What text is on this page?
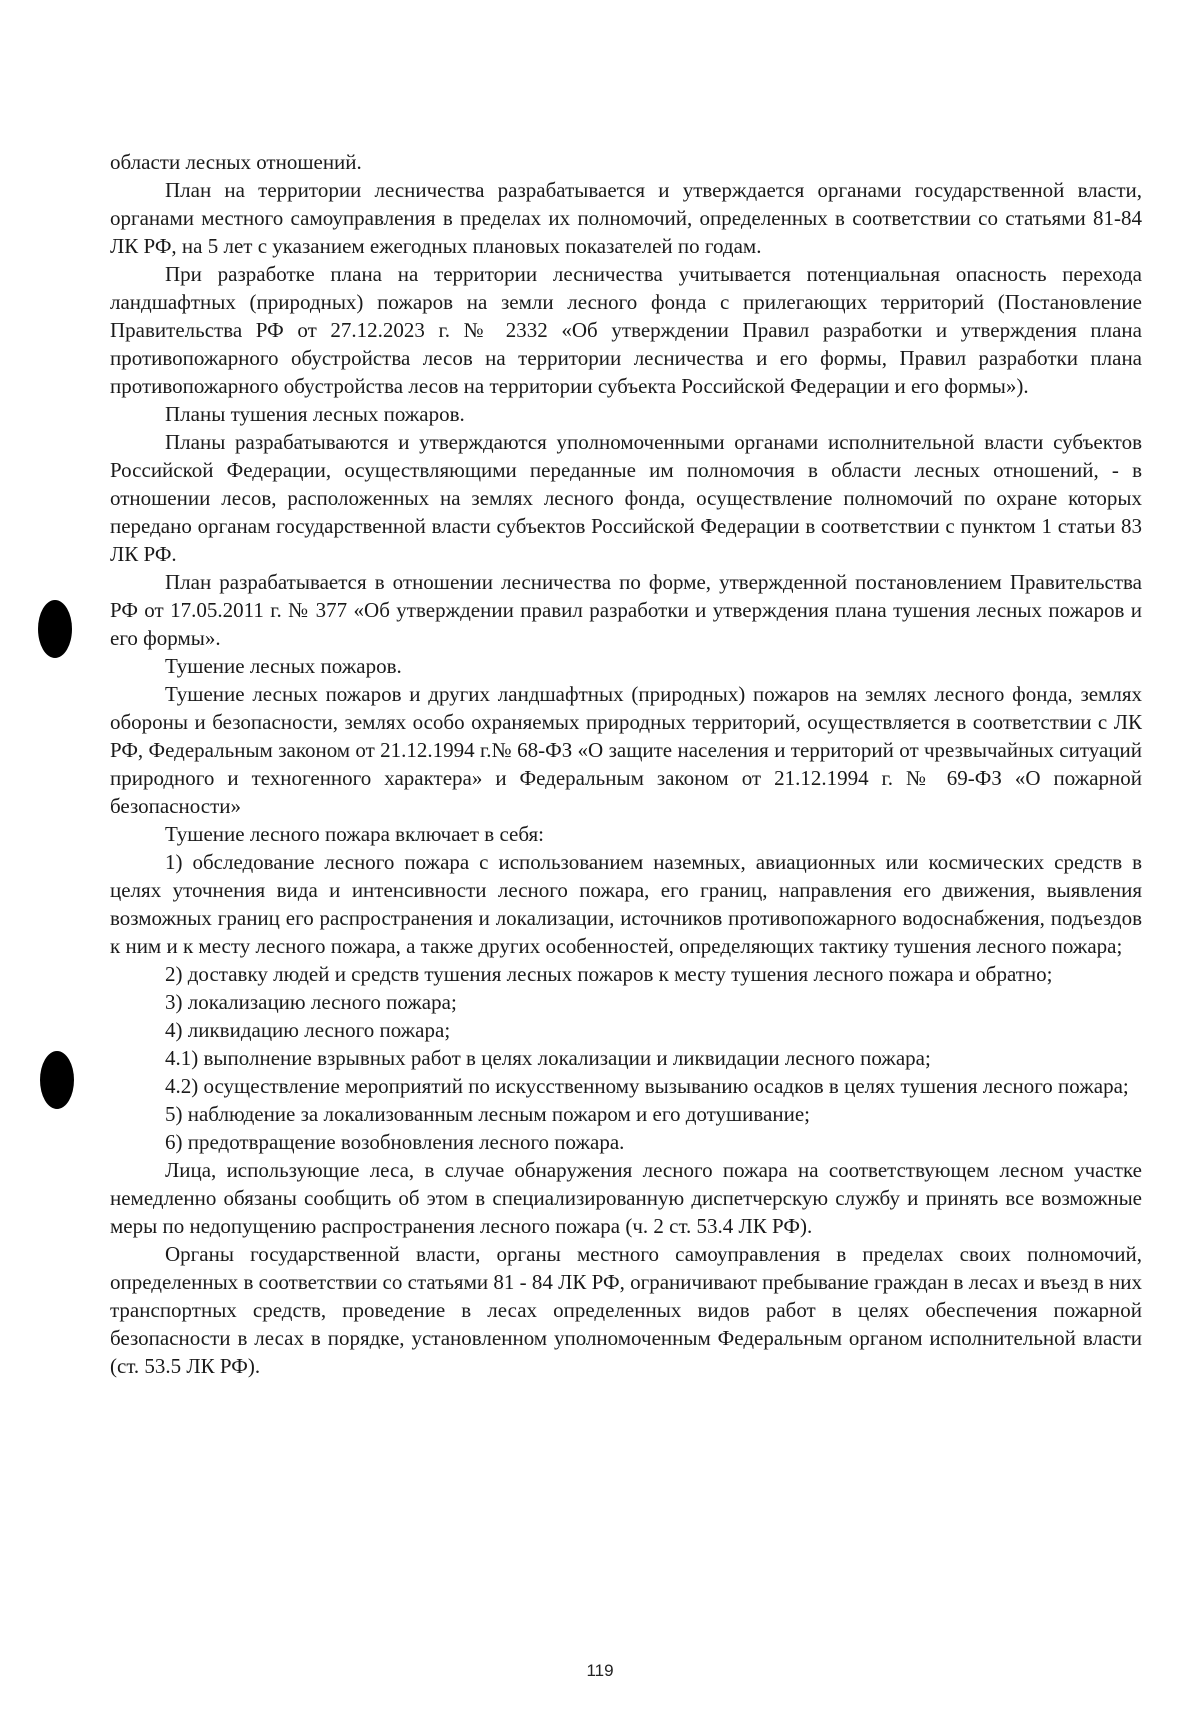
области лесных отношений.

План на территории лесничества разрабатывается и утверждается органами государственной власти, органами местного самоуправления в пределах их полномочий, определенных в соответствии со статьями 81-84 ЛК РФ, на 5 лет с указанием ежегодных плановых показателей по годам.

При разработке плана на территории лесничества учитывается потенциальная опасность перехода ландшафтных (природных) пожаров на земли лесного фонда с прилегающих территорий (Постановление Правительства РФ от 27.12.2023 г. № 2332 «Об утверждении Правил разработки и утверждения плана противопожарного обустройства лесов на территории лесничества и его формы, Правил разработки плана противопожарного обустройства лесов на территории субъекта Российской Федерации и его формы»).

Планы тушения лесных пожаров.

Планы разрабатываются и утверждаются уполномоченными органами исполнительной власти субъектов Российской Федерации, осуществляющими переданные им полномочия в области лесных отношений, - в отношении лесов, расположенных на землях лесного фонда, осуществление полномочий по охране которых передано органам государственной власти субъектов Российской Федерации в соответствии с пунктом 1 статьи 83 ЛК РФ.

План разрабатывается в отношении лесничества по форме, утвержденной постановлением Правительства РФ от 17.05.2011 г. № 377 «Об утверждении правил разработки и утверждения плана тушения лесных пожаров и его формы».

Тушение лесных пожаров.

Тушение лесных пожаров и других ландшафтных (природных) пожаров на землях лесного фонда, землях обороны и безопасности, землях особо охраняемых природных территорий, осуществляется в соответствии с ЛК РФ, Федеральным законом от 21.12.1994 г.№ 68-ФЗ «О защите населения и территорий от чрезвычайных ситуаций природного и техногенного характера» и Федеральным законом от 21.12.1994 г. № 69-ФЗ «О пожарной безопасности»

Тушение лесного пожара включает в себя:

1) обследование лесного пожара с использованием наземных, авиационных или космических средств в целях уточнения вида и интенсивности лесного пожара, его границ, направления его движения, выявления возможных границ его распространения и локализации, источников противопожарного водоснабжения, подъездов к ним и к месту лесного пожара, а также других особенностей, определяющих тактику тушения лесного пожара;

2) доставку людей и средств тушения лесных пожаров к месту тушения лесного пожара и обратно;

3) локализацию лесного пожара;

4) ликвидацию лесного пожара;

4.1) выполнение взрывных работ в целях локализации и ликвидации лесного пожара;

4.2) осуществление мероприятий по искусственному вызыванию осадков в целях тушения лесного пожара;

5) наблюдение за локализованным лесным пожаром и его дотушивание;

6) предотвращение возобновления лесного пожара.

Лица, использующие леса, в случае обнаружения лесного пожара на соответствующем лесном участке немедленно обязаны сообщить об этом в специализированную диспетчерскую службу и принять все возможные меры по недопущению распространения лесного пожара (ч. 2 ст. 53.4 ЛК РФ).

Органы государственной власти, органы местного самоуправления в пределах своих полномочий, определенных в соответствии со статьями 81 - 84 ЛК РФ, ограничивают пребывание граждан в лесах и въезд в них транспортных средств, проведение в лесах определенных видов работ в целях обеспечения пожарной безопасности в лесах в порядке, установленном уполномоченным Федеральным органом исполнительной власти (ст. 53.5 ЛК РФ).

119
